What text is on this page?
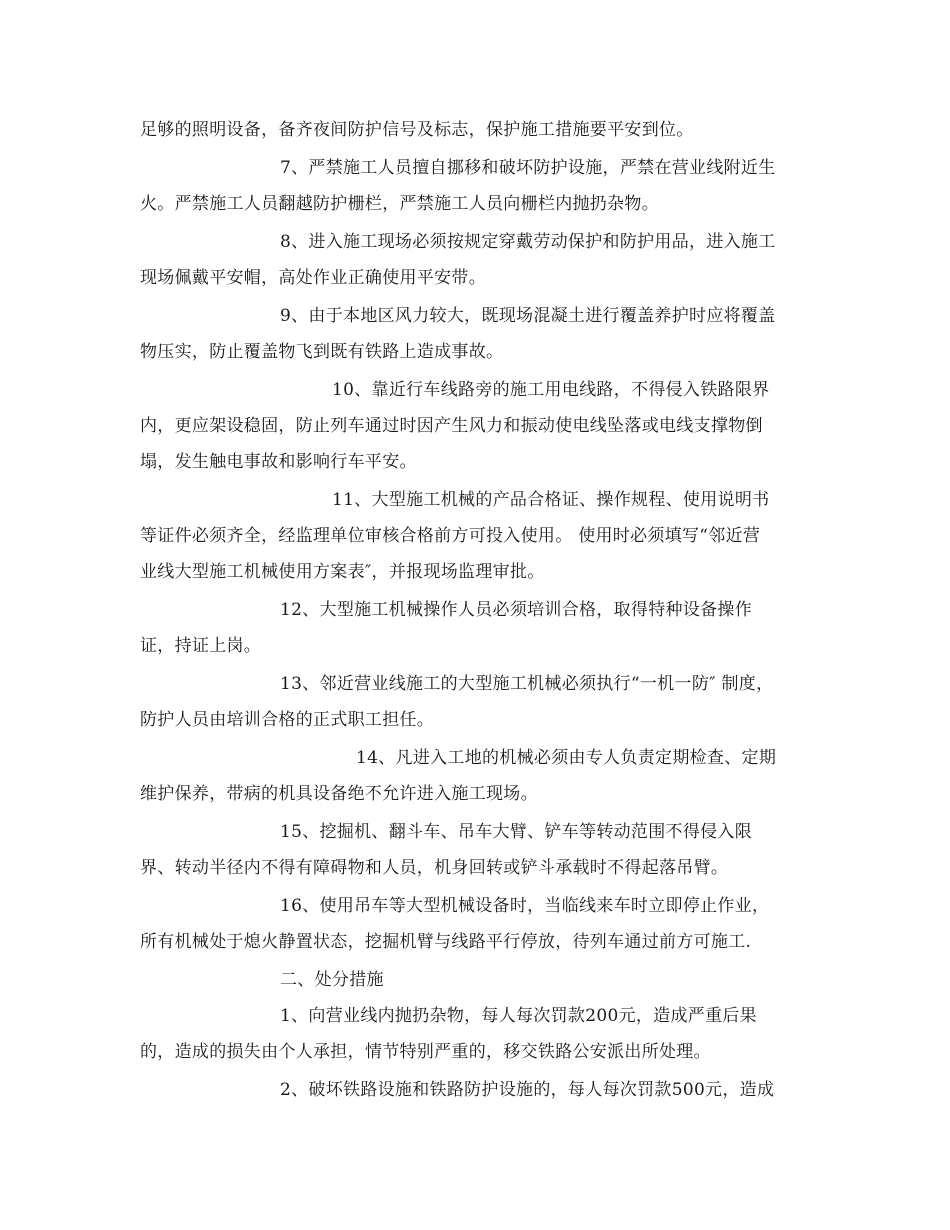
足够的照明设备，备齐夜间防护信号及标志，保护施工措施要平安到位。
7、严禁施工人员擅自挪移和破坏防护设施，严禁在营业线附近生
火。严禁施工人员翻越防护栅栏，严禁施工人员向栅栏内抛扔杂物。
8、进入施工现场必须按规定穿戴劳动保护和防护用品，进入施工
现场佩戴平安帽，高处作业正确使用平安带。
9、由于本地区风力较大，既现场混凝土进行覆盖养护时应将覆盖
物压实，防止覆盖物飞到既有铁路上造成事故。
10、靠近行车线路旁的施工用电线路，不得侵入铁路限界
内，更应架设稳固，防止列车通过时因产生风力和振动使电线坠落或电线支撑物倒
塌，发生触电事故和影响行车平安。
11、大型施工机械的产品合格证、操作规程、使用说明书
等证件必须齐全，经监理单位审核合格前方可投入使用。 使用时必须填写“邻近营
业线大型施工机械使用方案表″，并报现场监理审批。
12、大型施工机械操作人员必须培训合格，取得特种设备操作
证，持证上岗。
13、邻近营业线施工的大型施工机械必须执行“一机一防″ 制度，
防护人员由培训合格的正式职工担任。
14、凡进入工地的机械必须由专人负责定期检查、定期
维护保养，带病的机具设备绝不允许进入施工现场。
15、挖掘机、翻斗车、吊车大臂、铲车等转动范围不得侵入限
界、转动半径内不得有障碍物和人员，机身回转或铲斗承载时不得起落吊臂。
16、使用吊车等大型机械设备时，当临线来车时立即停止作业，
所有机械处于熄火静置状态，挖掘机臂与线路平行停放，待列车通过前方可施工.
二、处分措施
1、向营业线内抛扔杂物，每人每次罚款200元，造成严重后果
的，造成的损失由个人承担，情节特别严重的，移交铁路公安派出所处理。
2、破坏铁路设施和铁路防护设施的，每人每次罚款500元，造成
